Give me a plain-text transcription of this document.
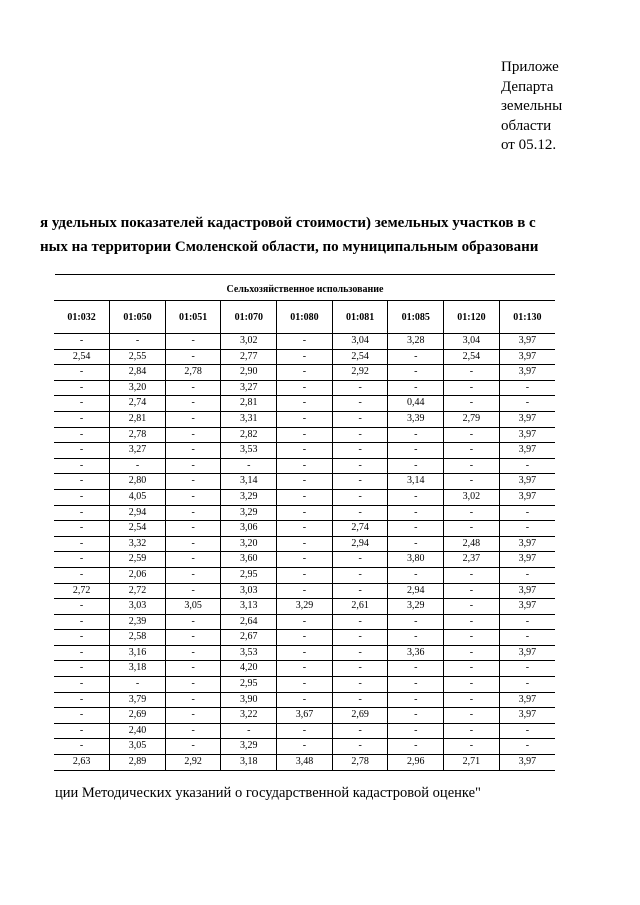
Приложе
Департа
земельны
области
от 05.12.
я удельных показателей кадастровой стоимости) земельных участков в с
ных на территории Смоленской области, по муниципальным образовани
Сельхозяйственное использование
01:032	01:050	01:051	01:070	01:080	01:081	01:085	01:120	01:130
-	-	-	3,02	-	3,04	3,28	3,04	3,97
2,54	2,55	-	2,77	-	2,54	-	2,54	3,97
-	2,84	2,78	2,90	-	2,92	-	-	3,97
-	3,20	-	3,27	-	-	-	-	-
-	2,74	-	2,81	-	-	0,44	-	-
-	2,81	-	3,31	-	-	3,39	2,79	3,97
-	2,78	-	2,82	-	-	-	-	3,97
-	3,27	-	3,53	-	-	-	-	3,97
-	-	-	-	-	-	-	-	-
-	2,80	-	3,14	-	-	3,14	-	3,97
-	4,05	-	3,29	-	-	-	3,02	3,97
-	2,94	-	3,29	-	-	-	-	-
-	2,54	-	3,06	-	2,74	-	-	-
-	3,32	-	3,20	-	2,94	-	2,48	3,97
-	2,59	-	3,60	-	-	3,80	2,37	3,97
-	2,06	-	2,95	-	-	-	-	-
2,72	2,72	-	3,03	-	-	2,94	-	3,97
-	3,03	3,05	3,13	3,29	2,61	3,29	-	3,97
-	2,39	-	2,64	-	-	-	-	-
-	2,58	-	2,67	-	-	-	-	-
-	3,16	-	3,53	-	-	3,36	-	3,97
-	3,18	-	4,20	-	-	-	-	-
-	-	-	2,95	-	-	-	-	-
-	3,79	-	3,90	-	-	-	-	3,97
-	2,69	-	3,22	3,67	2,69	-	-	3,97
-	2,40	-	-	-	-	-	-	-
-	3,05	-	3,29	-	-	-	-	-
2,63	2,89	2,92	3,18	3,48	2,78	2,96	2,71	3,97
ции Методических указаний о государственной кадастровой оценке"
